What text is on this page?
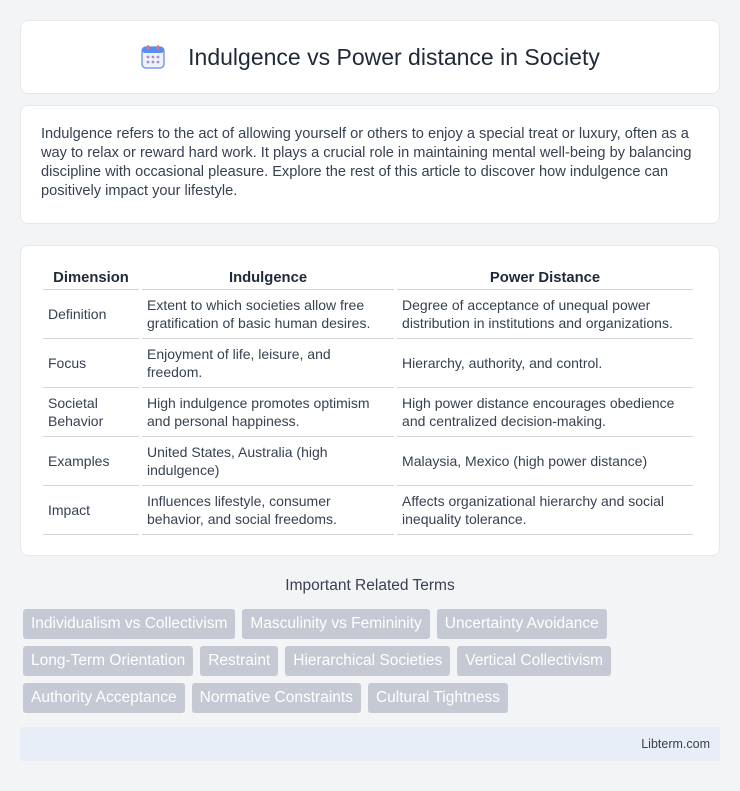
Indulgence vs Power distance in Society

Indulgence refers to the act of allowing yourself or others to enjoy a special treat or luxury, often as a way to relax or reward hard work. It plays a crucial role in maintaining mental well-being by balancing discipline with occasional pleasure. Explore the rest of this article to discover how indulgence can positively impact your lifestyle.

Dimension	Indulgence	Power Distance
Definition	Extent to which societies allow free gratification of basic human desires.	Degree of acceptance of unequal power distribution in institutions and organizations.
Focus	Enjoyment of life, leisure, and freedom.	Hierarchy, authority, and control.
Societal Behavior	High indulgence promotes optimism and personal happiness.	High power distance encourages obedience and centralized decision-making.
Examples	United States, Australia (high indulgence)	Malaysia, Mexico (high power distance)
Impact	Influences lifestyle, consumer behavior, and social freedoms.	Affects organizational hierarchy and social inequality tolerance.
Important Related Terms
Individualism vs Collectivism	Masculinity vs Femininity	Uncertainty Avoidance
Long-Term Orientation	Restraint	Hierarchical Societies	Vertical Collectivism
Authority Acceptance	Normative Constraints	Cultural Tightness
Libterm.com
